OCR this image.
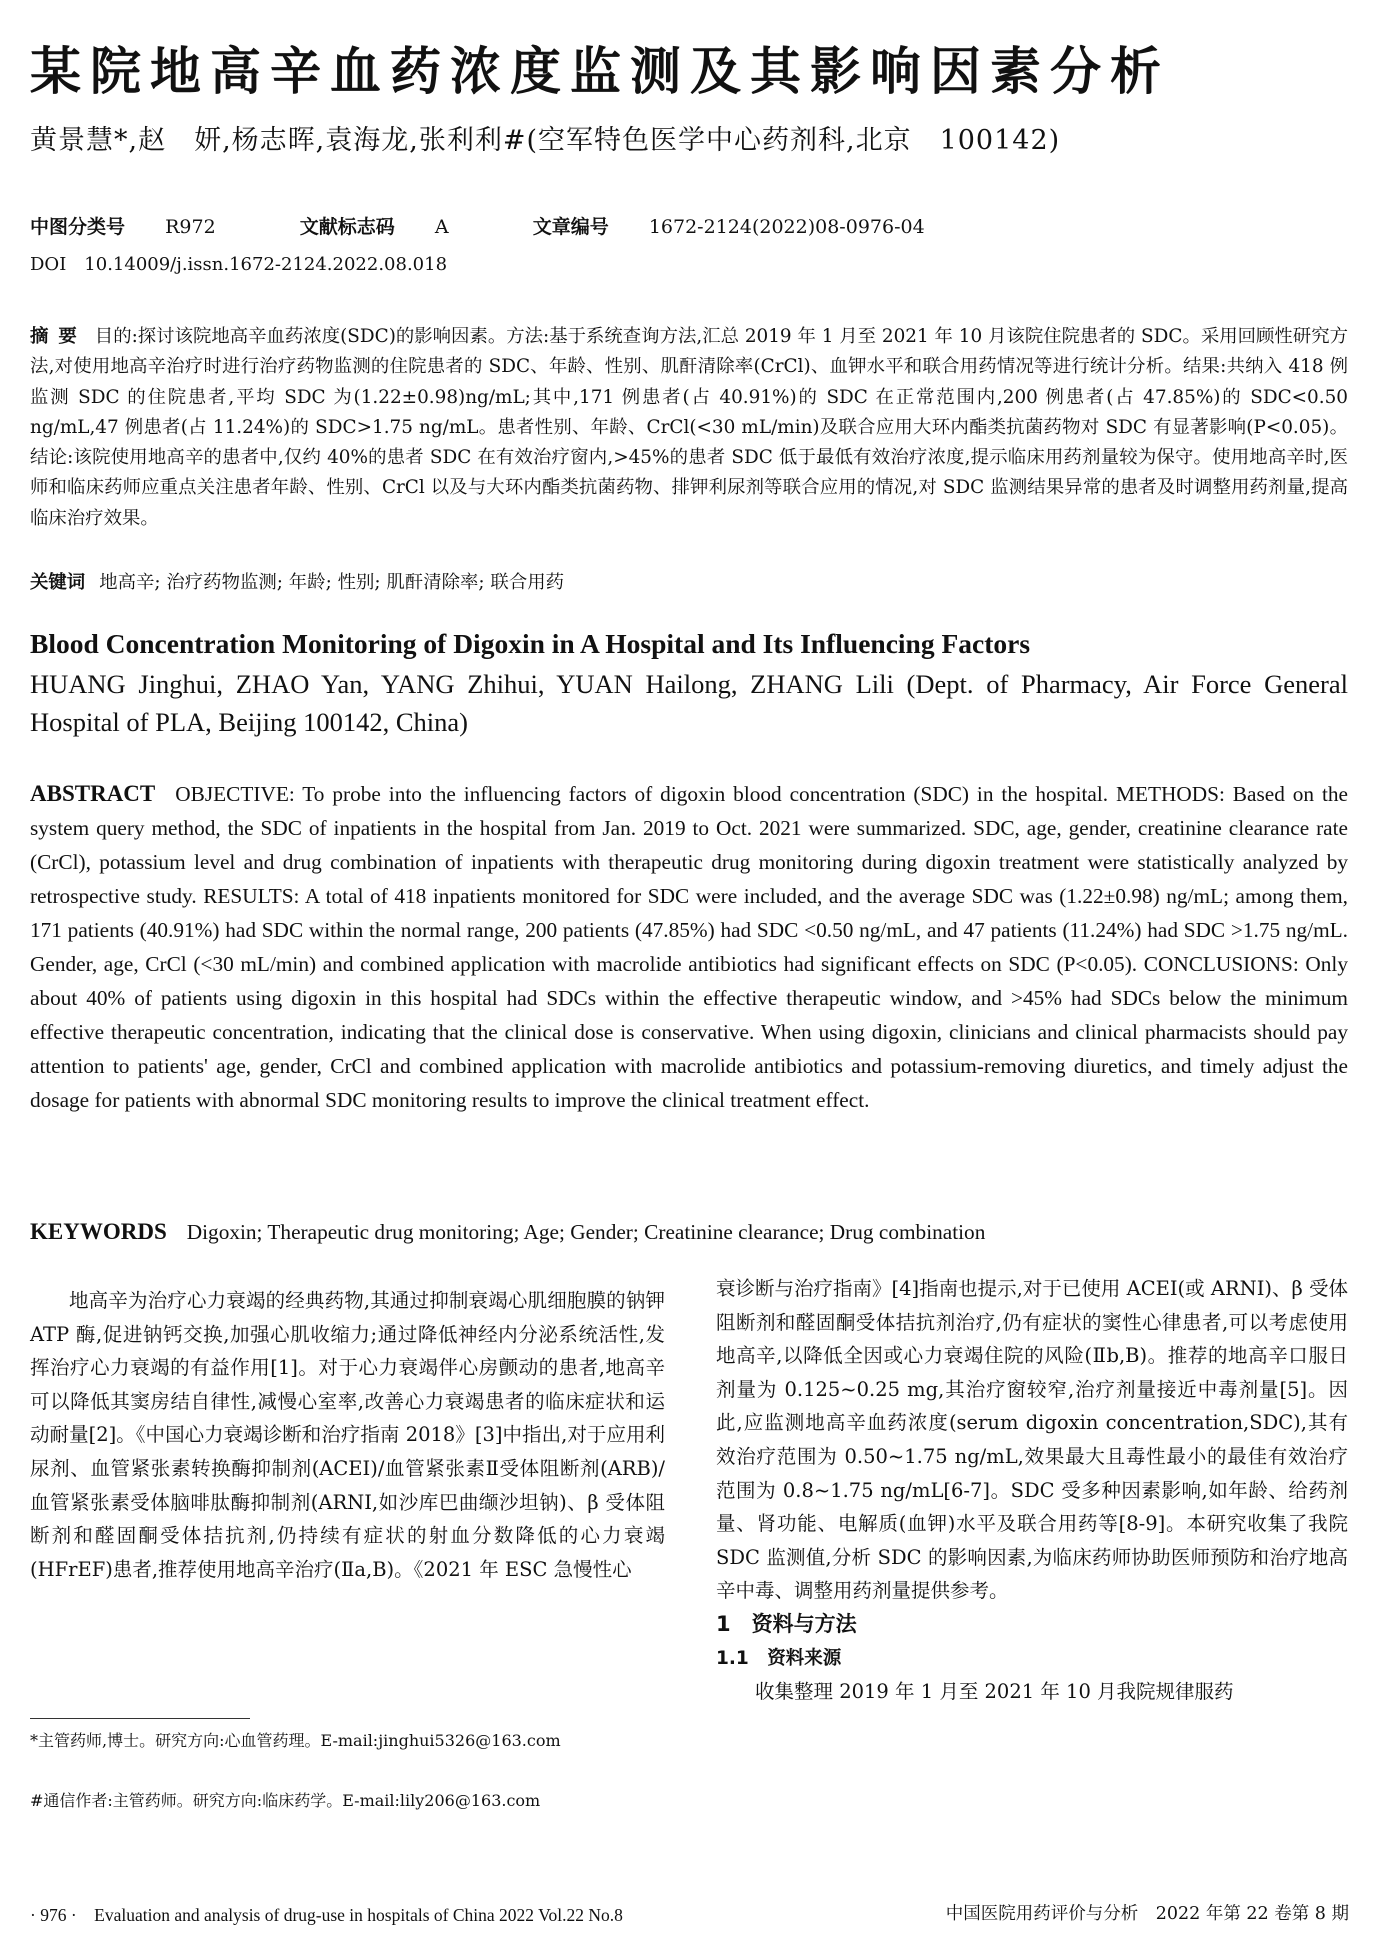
某院地高辛血药浓度监测及其影响因素分析
黄景慧*,赵　妍,杨志晖,袁海龙,张利利#(空军特色医学中心药剂科,北京　100142)
中图分类号 R972	文献标志码 A	文章编号 1672-2124(2022)08-0976-04
DOI　10.14009/j.issn.1672-2124.2022.08.018
摘要 目的:探讨该院地高辛血药浓度(SDC)的影响因素。方法:基于系统查询方法,汇总 2019 年 1 月至 2021 年 10 月该院住院患者的 SDC。采用回顾性研究方法,对使用地高辛治疗时进行治疗药物监测的住院患者的 SDC、年龄、性别、肌酐清除率(CrCl)、血钾水平和联合用药情况等进行统计分析。结果:共纳入 418 例监测 SDC 的住院患者,平均 SDC 为(1.22±0.98)ng/mL;其中,171 例患者(占 40.91%)的 SDC 在正常范围内,200 例患者(占 47.85%)的 SDC<0.50 ng/mL,47 例患者(占 11.24%)的 SDC>1.75 ng/mL。患者性别、年龄、CrCl(<30 mL/min)及联合应用大环内酯类抗菌药物对 SDC 有显著影响(P<0.05)。结论:该院使用地高辛的患者中,仅约 40%的患者 SDC 在有效治疗窗内,>45%的患者 SDC 低于最低有效治疗浓度,提示临床用药剂量较为保守。使用地高辛时,医师和临床药师应重点关注患者年龄、性别、CrCl 以及与大环内酯类抗菌药物、排钾利尿剂等联合应用的情况,对 SDC 监测结果异常的患者及时调整用药剂量,提高临床治疗效果。
关键词 地高辛; 治疗药物监测; 年龄; 性别; 肌酐清除率; 联合用药
Blood Concentration Monitoring of Digoxin in A Hospital and Its Influencing Factors
HUANG Jinghui, ZHAO Yan, YANG Zhihui, YUAN Hailong, ZHANG Lili (Dept. of Pharmacy, Air Force General Hospital of PLA, Beijing 100142, China)
ABSTRACT OBJECTIVE: To probe into the influencing factors of digoxin blood concentration (SDC) in the hospital. METHODS: Based on the system query method, the SDC of inpatients in the hospital from Jan. 2019 to Oct. 2021 were summarized. SDC, age, gender, creatinine clearance rate (CrCl), potassium level and drug combination of inpatients with therapeutic drug monitoring during digoxin treatment were statistically analyzed by retrospective study. RESULTS: A total of 418 inpatients monitored for SDC were included, and the average SDC was (1.22±0.98) ng/mL; among them, 171 patients (40.91%) had SDC within the normal range, 200 patients (47.85%) had SDC <0.50 ng/mL, and 47 patients (11.24%) had SDC >1.75 ng/mL. Gender, age, CrCl (<30 mL/min) and combined application with macrolide antibiotics had significant effects on SDC (P<0.05). CONCLUSIONS: Only about 40% of patients using digoxin in this hospital had SDCs within the effective therapeutic window, and >45% had SDCs below the minimum effective therapeutic concentration, indicating that the clinical dose is conservative. When using digoxin, clinicians and clinical pharmacists should pay attention to patients' age, gender, CrCl and combined application with macrolide antibiotics and potassium-removing diuretics, and timely adjust the dosage for patients with abnormal SDC monitoring results to improve the clinical treatment effect.
KEYWORDS Digoxin; Therapeutic drug monitoring; Age; Gender; Creatinine clearance; Drug combination

地高辛为治疗心力衰竭的经典药物,其通过抑制衰竭心肌细胞膜的钠钾 ATP 酶,促进钠钙交换,加强心肌收缩力;通过降低神经内分泌系统活性,发挥治疗心力衰竭的有益作用[1]。对于心力衰竭伴心房颤动的患者,地高辛可以降低其窦房结自律性,减慢心室率,改善心力衰竭患者的临床症状和运动耐量[2]。《中国心力衰竭诊断和治疗指南 2018》[3]中指出,对于应用利尿剂、血管紧张素转换酶抑制剂(ACEI)/血管紧张素Ⅱ受体阻断剂(ARB)/血管紧张素受体脑啡肽酶抑制剂(ARNI,如沙库巴曲缬沙坦钠)、β 受体阻断剂和醛固酮受体拮抗剂,仍持续有症状的射血分数降低的心力衰竭(HFrEF)患者,推荐使用地高辛治疗(Ⅱa,B)。《2021 年 ESC 急慢性心

*主管药师,博士。研究方向:心血管药理。E-mail:jinghui5326@163.com
#通信作者:主管药师。研究方向:临床药学。E-mail:lily206@163.com

衰诊断与治疗指南》[4]指南也提示,对于已使用 ACEI(或 ARNI)、β 受体阻断剂和醛固酮受体拮抗剂治疗,仍有症状的窦性心律患者,可以考虑使用地高辛,以降低全因或心力衰竭住院的风险(Ⅱb,B)。推荐的地高辛口服日剂量为 0.125~0.25 mg,其治疗窗较窄,治疗剂量接近中毒剂量[5]。因此,应监测地高辛血药浓度(serum digoxin concentration,SDC),其有效治疗范围为 0.50~1.75 ng/mL,效果最大且毒性最小的最佳有效治疗范围为 0.8~1.75 ng/mL[6-7]。SDC 受多种因素影响,如年龄、给药剂量、肾功能、电解质(血钾)水平及联合用药等[8-9]。本研究收集了我院 SDC 监测值,分析 SDC 的影响因素,为临床药师协助医师预防和治疗地高辛中毒、调整用药剂量提供参考。

1　资料与方法

1.1　资料来源

收集整理 2019 年 1 月至 2021 年 10 月我院规律服药

· 976 ·　Evaluation and analysis of drug-use in hospitals of China 2022 Vol.22 No.8	中国医院用药评价与分析　2022 年第 22 卷第 8 期
